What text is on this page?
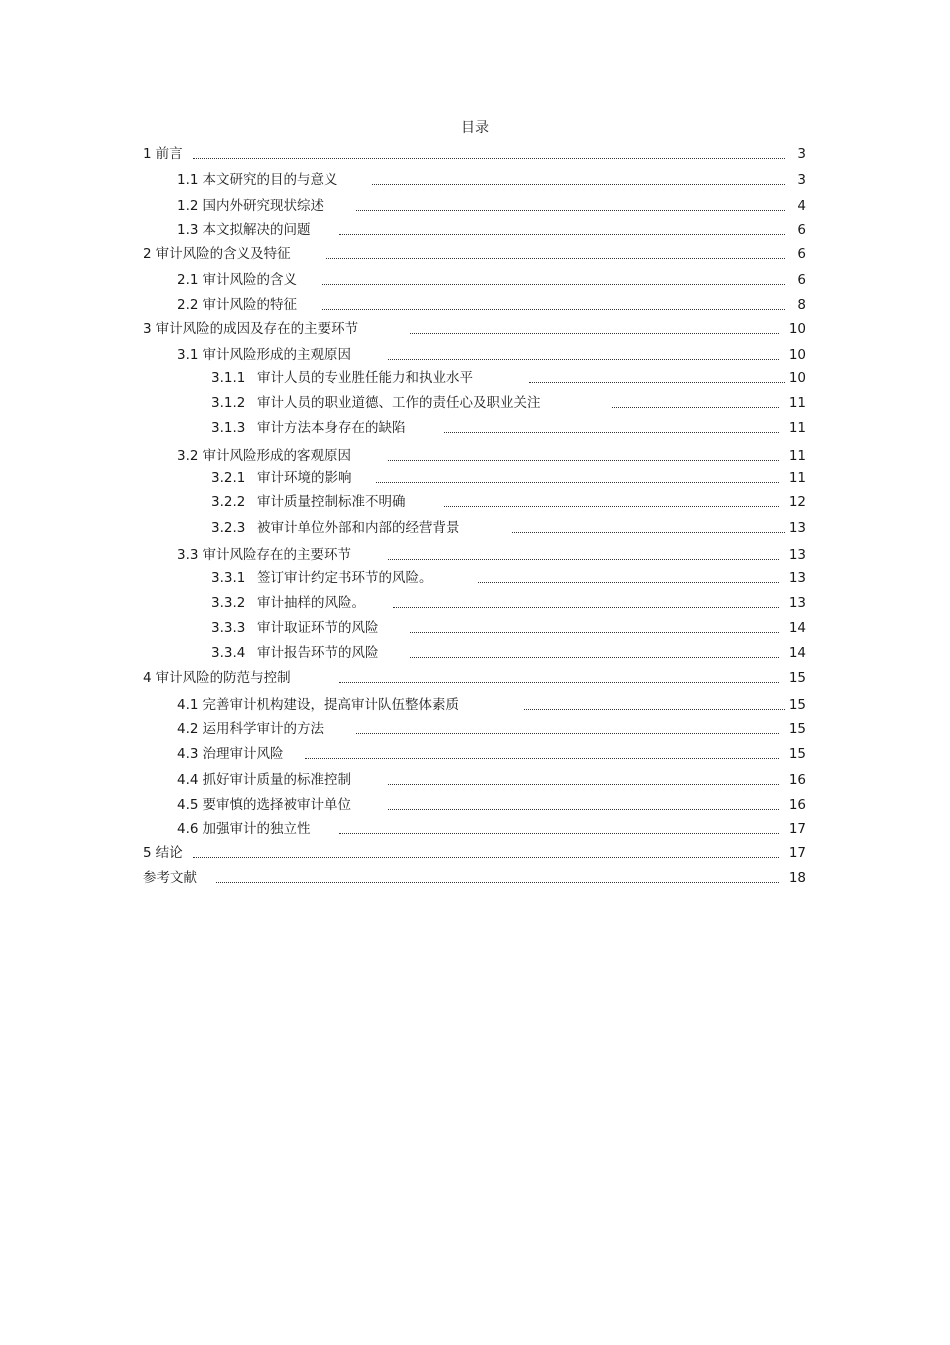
目录
1 前言	3
1.1 本文研究的目的与意义	3
1.2 国内外研究现状综述	4
1.3 本文拟解决的问题	6
2 审计风险的含义及特征	6
2.1 审计风险的含义	6
2.2 审计风险的特征	8
3 审计风险的成因及存在的主要环节	10
3.1 审计风险形成的主观原因	10
3.1.1 审计人员的专业胜任能力和执业水平	10
3.1.2 审计人员的职业道德、工作的责任心及职业关注	11
3.1.3 审计方法本身存在的缺陷	11
3.2 审计风险形成的客观原因	11
3.2.1 审计环境的影响	11
3.2.2 审计质量控制标准不明确	12
3.2.3 被审计单位外部和内部的经营背景	13
3.3 审计风险存在的主要环节	13
3.3.1 签订审计约定书环节的风险。	13
3.3.2 审计抽样的风险。	13
3.3.3 审计取证环节的风险	14
3.3.4 审计报告环节的风险	14
4 审计风险的防范与控制	15
4.1 完善审计机构建设，提高审计队伍整体素质	15
4.2 运用科学审计的方法	15
4.3 治理审计风险	15
4.4 抓好审计质量的标准控制	16
4.5 要审慎的选择被审计单位	16
4.6 加强审计的独立性	17
5 结论	17
参考文献	18
